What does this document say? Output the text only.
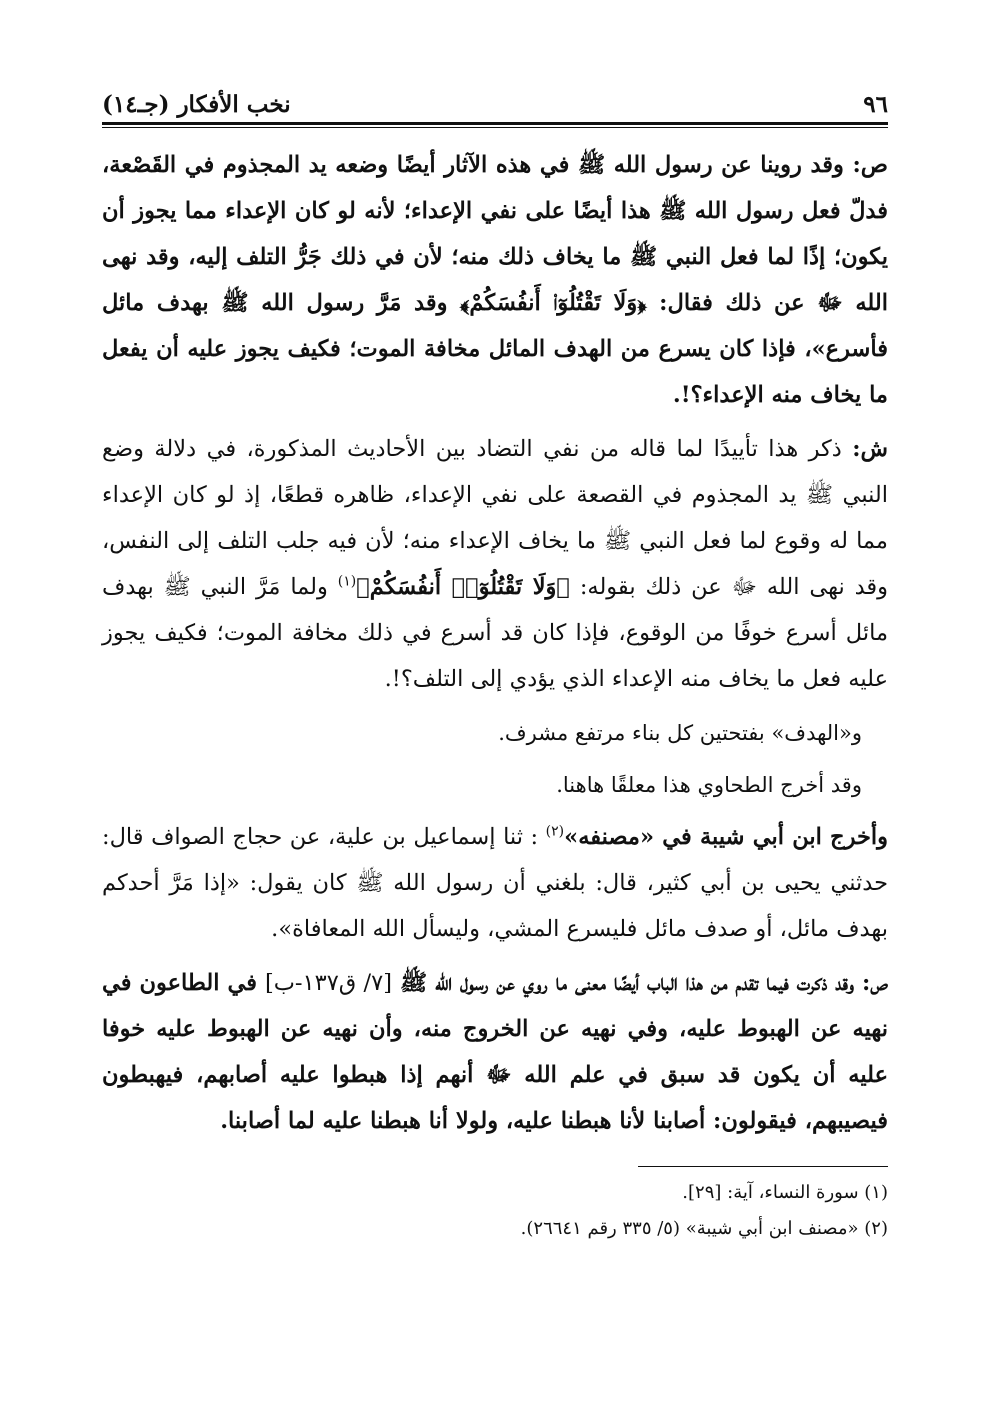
٩٦
نخب الأفكار (جـ١٤)

ص: وقد روينا عن رسول الله ﷺ في هذه الآثار أيضًا وضعه يد المجذوم في القَصْعة، فدلّ فعل رسول الله ﷺ هذا أيضًا على نفي الإعداء؛ لأنه لو كان الإعداء مما يجوز أن يكون؛ إذًا لما فعل النبي ﷺ ما يخاف ذلك منه؛ لأن في ذلك جَرُّ التلف إليه، وقد نهى الله ﷻ عن ذلك فقال: ﴿وَلَا تَقْتُلُوٓا۟ أَنفُسَكُمْ﴾ وقد مَرَّ رسول الله ﷺ بهدف مائل فأسرع»، فإذا كان يسرع من الهدف المائل مخافة الموت؛ فكيف يجوز عليه أن يفعل ما يخاف منه الإعداء؟!.

ش: ذكر هذا تأييدًا لما قاله من نفي التضاد بين الأحاديث المذكورة، في دلالة وضع النبي ﷺ يد المجذوم في القصعة على نفي الإعداء، ظاهره قطعًا، إذ لو كان الإعداء مما له وقوع لما فعل النبي ﷺ ما يخاف الإعداء منه؛ لأن فيه جلب التلف إلى النفس، وقد نهى الله ﷻ عن ذلك بقوله: ﴿وَلَا تَقْتُلُوٓا۟ أَنفُسَكُمْ﴾$^{(١)}$ ولما مَرَّ النبي ﷺ بهدف مائل أسرع خوفًا من الوقوع، فإذا كان قد أسرع في ذلك مخافة الموت؛ فكيف يجوز عليه فعل ما يخاف منه الإعداء الذي يؤدي إلى التلف؟!.

و«الهدف» بفتحتين كل بناء مرتفع مشرف.

وقد أخرج الطحاوي هذا معلقًا هاهنا.

وأخرج ابن أبي شيبة في «مصنفه»$^{(٢)}$ : ثنا إسماعيل بن علية، عن حجاج الصواف قال: حدثني يحيى بن أبي كثير، قال: بلغني أن رسول الله ﷺ كان يقول: «إذا مَرَّ أحدكم بهدف مائل، أو صدف مائل فليسرع المشي، وليسأل الله المعافاة».

ص: وقد ذكرت فيما تقدم من هذا الباب أيضًا معنى ما روي عن رسول الله ﷺ [٧/ ق١٣٧-ب] في الطاعون في نهيه عن الهبوط عليه، وفي نهيه عن الخروج منه، وأن نهيه عن الهبوط عليه خوفا عليه أن يكون قد سبق في علم الله ﷻ أنهم إذا هبطوا عليه أصابهم، فيهبطون فيصيبهم، فيقولون: أصابنا لأنا هبطنا عليه، ولولا أنا هبطنا عليه لما أصابنا.

(١) سورة النساء، آية: [٢٩].

(٢) «مصنف ابن أبي شيبة» (٥/ ٣٣٥ رقم ٢٦٦٤١).
